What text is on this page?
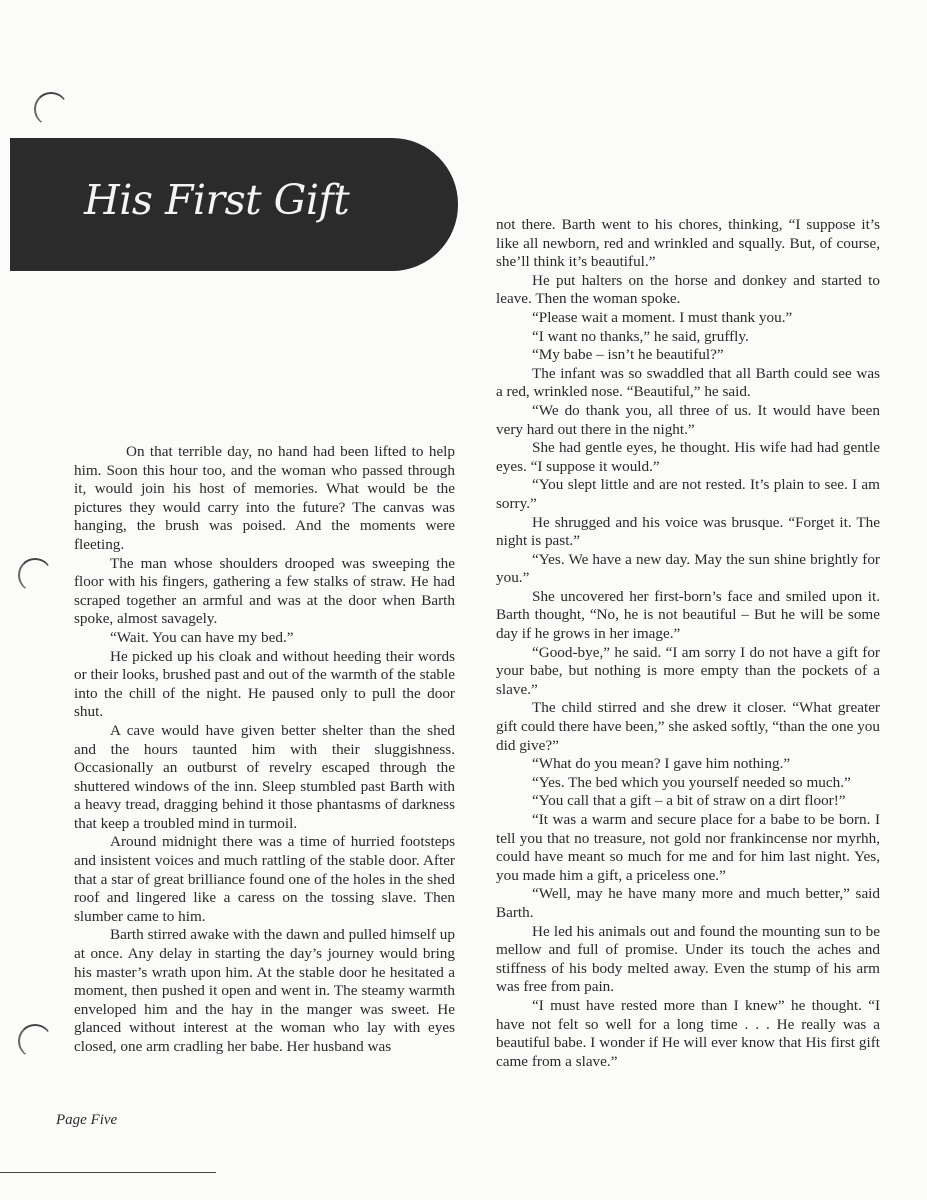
His First Gift

On that terrible day, no hand had been lifted to help him. Soon this hour too, and the woman who passed through it, would join his host of memories. What would be the pictures they would carry into the future? The canvas was hanging, the brush was poised. And the moments were fleeting.

The man whose shoulders drooped was sweeping the floor with his fingers, gathering a few stalks of straw. He had scraped together an armful and was at the door when Barth spoke, almost savagely.

“Wait. You can have my bed.”

He picked up his cloak and without heeding their words or their looks, brushed past and out of the warmth of the stable into the chill of the night. He paused only to pull the door shut.

A cave would have given better shelter than the shed and the hours taunted him with their sluggishness. Occasionally an outburst of revelry escaped through the shuttered windows of the inn. Sleep stumbled past Barth with a heavy tread, dragging behind it those phantasms of darkness that keep a troubled mind in turmoil.

Around midnight there was a time of hurried footsteps and insistent voices and much rattling of the stable door. After that a star of great brilliance found one of the holes in the shed roof and lingered like a caress on the tossing slave. Then slumber came to him.

Barth stirred awake with the dawn and pulled himself up at once. Any delay in starting the day’s journey would bring his master’s wrath upon him. At the stable door he hesitated a moment, then pushed it open and went in. The steamy warmth enveloped him and the hay in the manger was sweet. He glanced without interest at the woman who lay with eyes closed, one arm cradling her babe. Her husband was

not there. Barth went to his chores, thinking, “I suppose it’s like all newborn, red and wrinkled and squally. But, of course, she’ll think it’s beautiful.”

He put halters on the horse and donkey and started to leave. Then the woman spoke.

“Please wait a moment. I must thank you.”

“I want no thanks,” he said, gruffly.

“My babe – isn’t he beautiful?”

The infant was so swaddled that all Barth could see was a red, wrinkled nose. “Beautiful,” he said.

“We do thank you, all three of us. It would have been very hard out there in the night.”

She had gentle eyes, he thought. His wife had had gentle eyes. “I suppose it would.”

“You slept little and are not rested. It’s plain to see. I am sorry.”

He shrugged and his voice was brusque. “Forget it. The night is past.”

“Yes. We have a new day. May the sun shine brightly for you.”

She uncovered her first-born’s face and smiled upon it. Barth thought, “No, he is not beautiful – But he will be some day if he grows in her image.”

“Good-bye,” he said. “I am sorry I do not have a gift for your babe, but nothing is more empty than the pockets of a slave.”

The child stirred and she drew it closer. “What greater gift could there have been,” she asked softly, “than the one you did give?”

“What do you mean? I gave him nothing.”

“Yes. The bed which you yourself needed so much.”

“You call that a gift – a bit of straw on a dirt floor!”

“It was a warm and secure place for a babe to be born. I tell you that no treasure, not gold nor frankincense nor myrhh, could have meant so much for me and for him last night. Yes, you made him a gift, a priceless one.”

“Well, may he have many more and much better,” said Barth.

He led his animals out and found the mounting sun to be mellow and full of promise. Under its touch the aches and stiffness of his body melted away. Even the stump of his arm was free from pain.

“I must have rested more than I knew” he thought. “I have not felt so well for a long time . . . He really was a beautiful babe. I wonder if He will ever know that His first gift came from a slave.”

Page Five
